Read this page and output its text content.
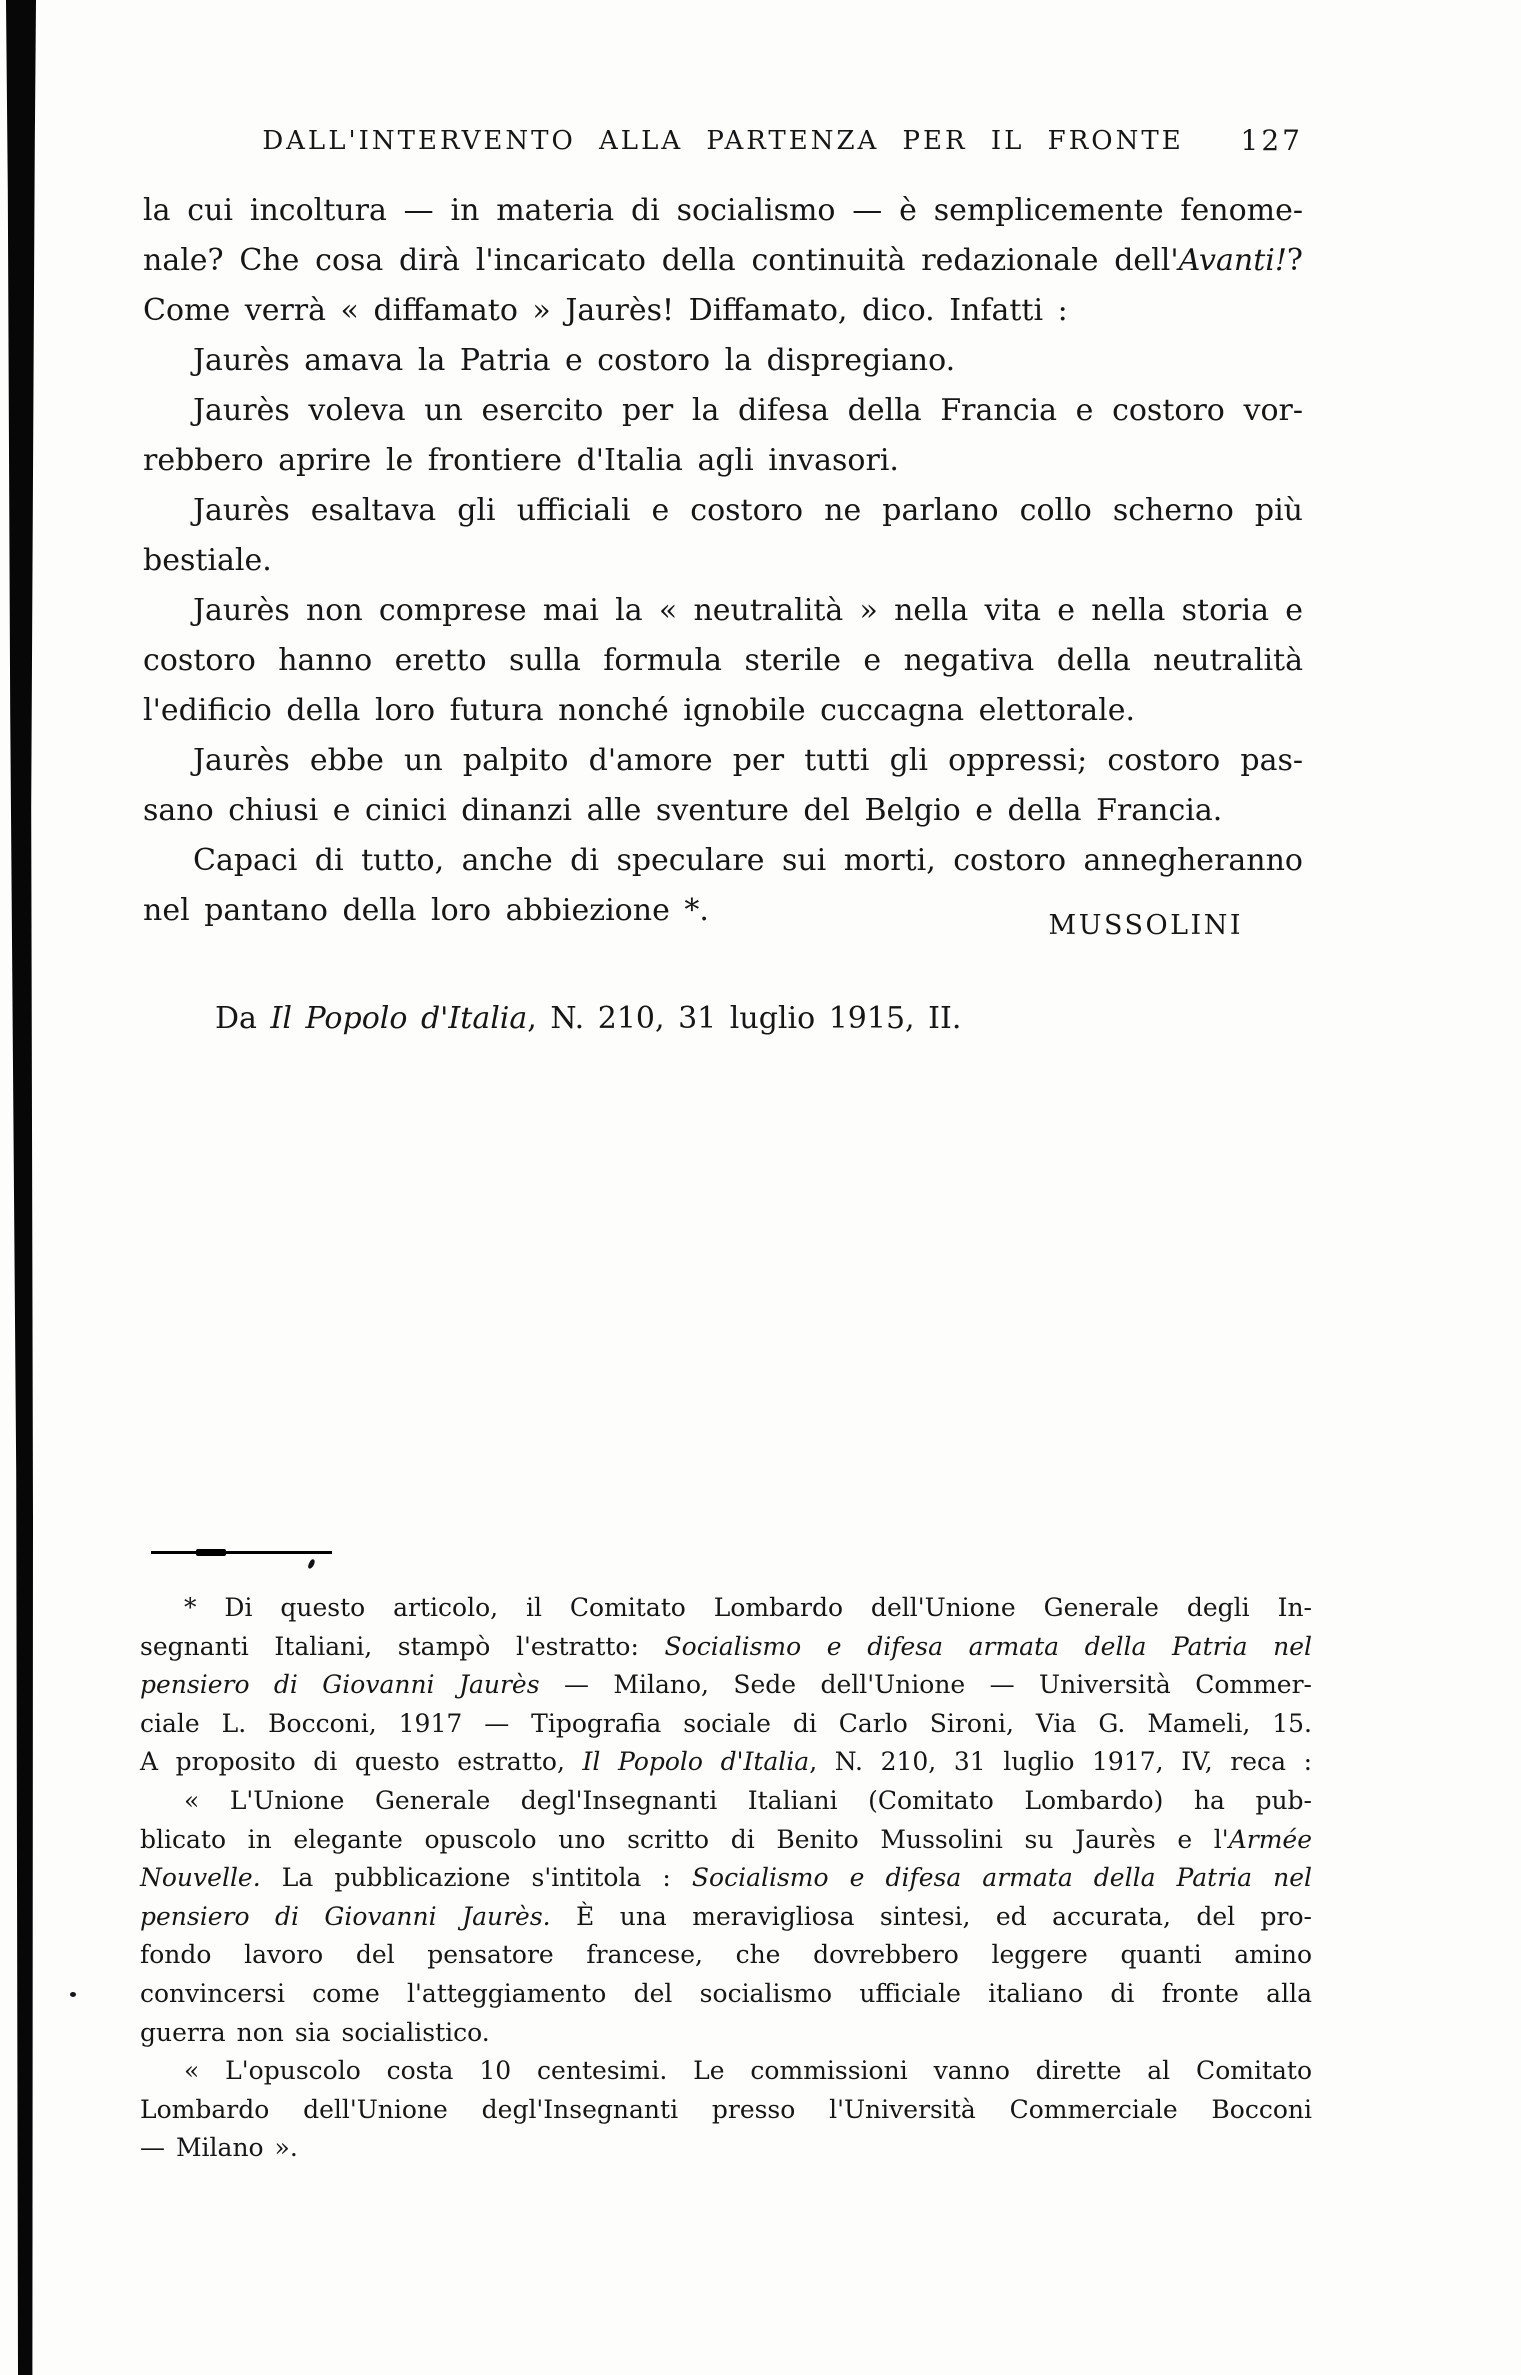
DALL'INTERVENTO ALLA PARTENZA PER IL FRONTE 127
la cui incoltura — in materia di socialismo — è semplicemente fenome-
nale? Che cosa dirà l'incaricato della continuità redazionale dell'Avanti!?
Come verrà « diffamato » Jaurès! Diffamato, dico. Infatti :
Jaurès amava la Patria e costoro la dispregiano.
Jaurès voleva un esercito per la difesa della Francia e costoro vor-
rebbero aprire le frontiere d'Italia agli invasori.
Jaurès esaltava gli ufficiali e costoro ne parlano collo scherno più
bestiale.
Jaurès non comprese mai la « neutralità » nella vita e nella storia e
costoro hanno eretto sulla formula sterile e negativa della neutralità
l'edificio della loro futura nonché ignobile cuccagna elettorale.
Jaurès ebbe un palpito d'amore per tutti gli oppressi; costoro pas-
sano chiusi e cinici dinanzi alle sventure del Belgio e della Francia.
Capaci di tutto, anche di speculare sui morti, costoro annegheranno
nel pantano della loro abbiezione *.	MUSSOLINI
Da Il Popolo d'Italia, N. 210, 31 luglio 1915, II.
* Di questo articolo, il Comitato Lombardo dell'Unione Generale degli In-
segnanti Italiani, stampò l'estratto: Socialismo e difesa armata della Patria nel
pensiero di Giovanni Jaurès — Milano, Sede dell'Unione — Università Commer-
ciale L. Bocconi, 1917 — Tipografia sociale di Carlo Sironi, Via G. Mameli, 15.
A proposito di questo estratto, Il Popolo d'Italia, N. 210, 31 luglio 1917, IV, reca :
« L'Unione Generale degl'Insegnanti Italiani (Comitato Lombardo) ha pub-
blicato in elegante opuscolo uno scritto di Benito Mussolini su Jaurès e l'Armée
Nouvelle. La pubblicazione s'intitola : Socialismo e difesa armata della Patria nel
pensiero di Giovanni Jaurès. È una meravigliosa sintesi, ed accurata, del pro-
fondo lavoro del pensatore francese, che dovrebbero leggere quanti amino
convincersi come l'atteggiamento del socialismo ufficiale italiano di fronte alla
guerra non sia socialistico.
« L'opuscolo costa 10 centesimi. Le commissioni vanno dirette al Comitato
Lombardo dell'Unione degl'Insegnanti presso l'Università Commerciale Bocconi
— Milano ».
